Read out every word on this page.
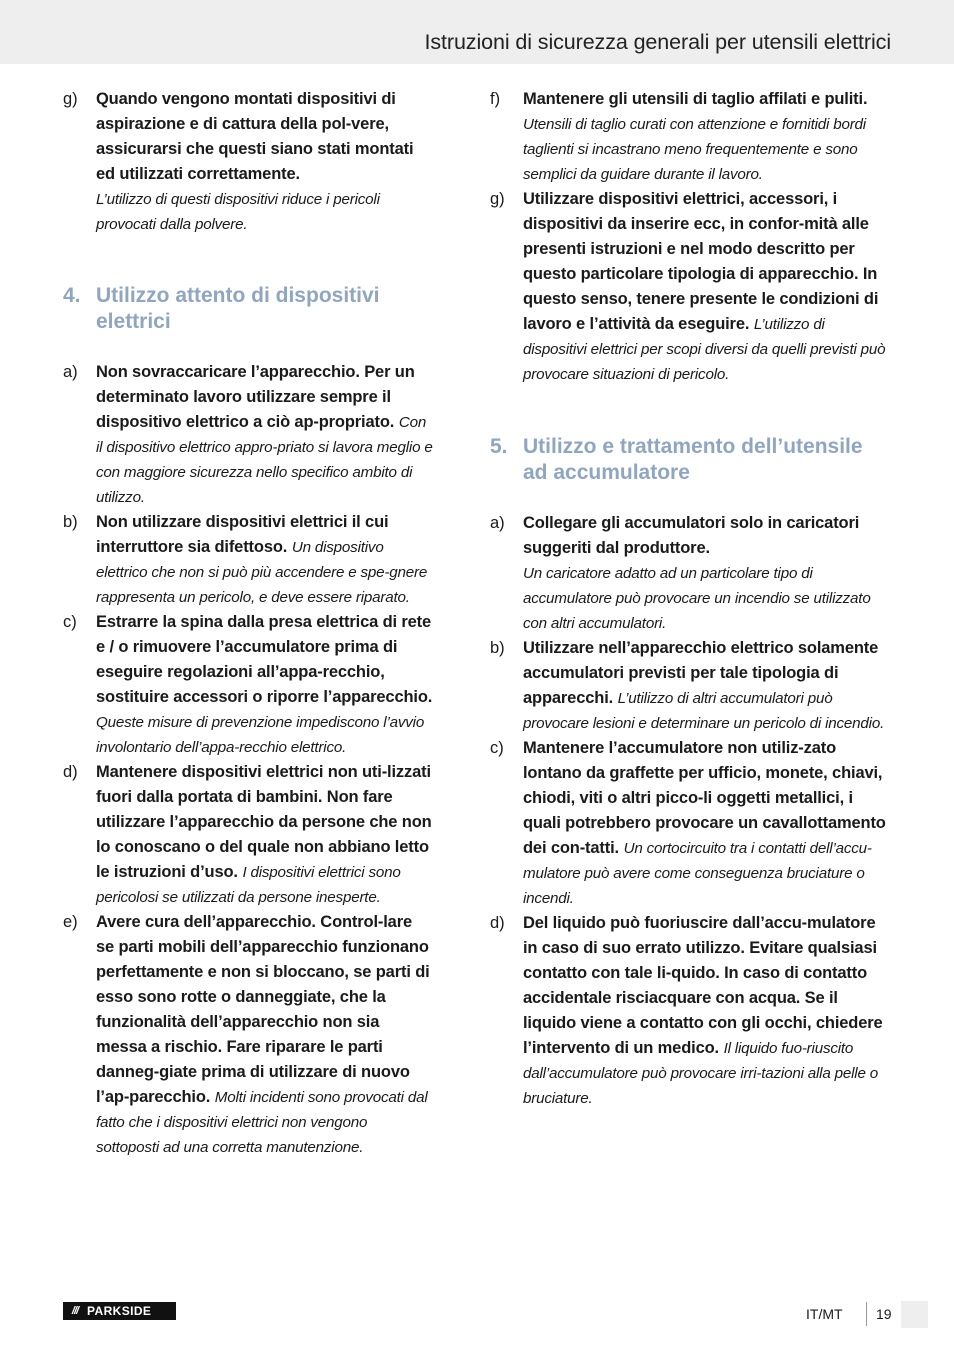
Istruzioni di sicurezza generali per utensili elettrici
g) Quando vengono montati dispositivi di aspirazione e di cattura della pol-vere, assicurarsi che questi siano stati montati ed utilizzati correttamente.
L’utilizzo di questi dispositivi riduce i pericoli provocati dalla polvere.
4. Utilizzo attento di dispositivi elettrici
a) Non sovraccaricare l’apparecchio. Per un determinato lavoro utilizzare sempre il dispositivo elettrico a ciò ap-propriato. Con il dispositivo elettrico appro-priato si lavora meglio e con maggiore sicurezza nello specifico ambito di utilizzo.
b) Non utilizzare dispositivi elettrici il cui interruttore sia difettoso. Un dispositivo elettrico che non si può più accendere e spe-gnere rappresenta un pericolo, e deve essere riparato.
c) Estrarre la spina dalla presa elettrica di rete e / o rimuovere l’accumulatore prima di eseguire regolazioni all’appa-recchio, sostituire accessori o riporre l’apparecchio. Queste misure di prevenzione impediscono l’avvio involontario dell’appa-recchio elettrico.
d) Mantenere dispositivi elettrici non uti-lizzati fuori dalla portata di bambini. Non fare utilizzare l’apparecchio da persone che non lo conoscano o del quale non abbiano letto le istruzioni d’uso. I dispositivi elettrici sono pericolosi se utilizzati da persone inesperte.
e) Avere cura dell’apparecchio. Control-lare se parti mobili dell’apparecchio funzionano perfettamente e non si bloccano, se parti di esso sono rotte o danneggiate, che la funzionalità dell’apparecchio non sia messa a rischio. Fare riparare le parti danneg-giate prima di utilizzare di nuovo l’ap-parecchio. Molti incidenti sono provocati dal fatto che i dispositivi elettrici non vengono sottoposti ad una corretta manutenzione.
f) Mantenere gli utensili di taglio affilati e puliti. Utensili di taglio curati con attenzione e fornitidi bordi taglienti si incastrano meno frequentemente e sono semplici da guidare durante il lavoro.
g) Utilizzare dispositivi elettrici, accessori, i dispositivi da inserire ecc, in confor-mità alle presenti istruzioni e nel modo descritto per questo particolare tipologia di apparecchio. In questo senso, tenere presente le condizioni di lavoro e l’attività da eseguire. L’utilizzo di dispositivi elettrici per scopi diversi da quelli previsti può provocare situazioni di pericolo.
5. Utilizzo e trattamento dell’utensile ad accumulatore
a) Collegare gli accumulatori solo in caricatori suggeriti dal produttore.
Un caricatore adatto ad un particolare tipo di accumulatore può provocare un incendio se utilizzato con altri accumulatori.
b) Utilizzare nell’apparecchio elettrico solamente accumulatori previsti per tale tipologia di apparecchi. L’utilizzo di altri accumulatori può provocare lesioni e determinare un pericolo di incendio.
c) Mantenere l’accumulatore non utiliz-zato lontano da graffette per ufficio, monete, chiavi, chiodi, viti o altri picco-li oggetti metallici, i quali potrebbero provocare un cavallottamento dei con-tatti. Un cortocircuito tra i contatti dell’accu-mulatore può avere come conseguenza bruciature o incendi.
d) Del liquido può fuoriuscire dall’accu-mulatore in caso di suo errato utilizzo. Evitare qualsiasi contatto con tale li-quido. In caso di contatto accidentale risciacquare con acqua. Se il liquido viene a contatto con gli occhi, chiedere l’intervento di un medico. Il liquido fuo-riuscito dall’accumulatore può provocare irri-tazioni alla pelle o bruciature.
/// PARKSIDE	IT/MT 19
